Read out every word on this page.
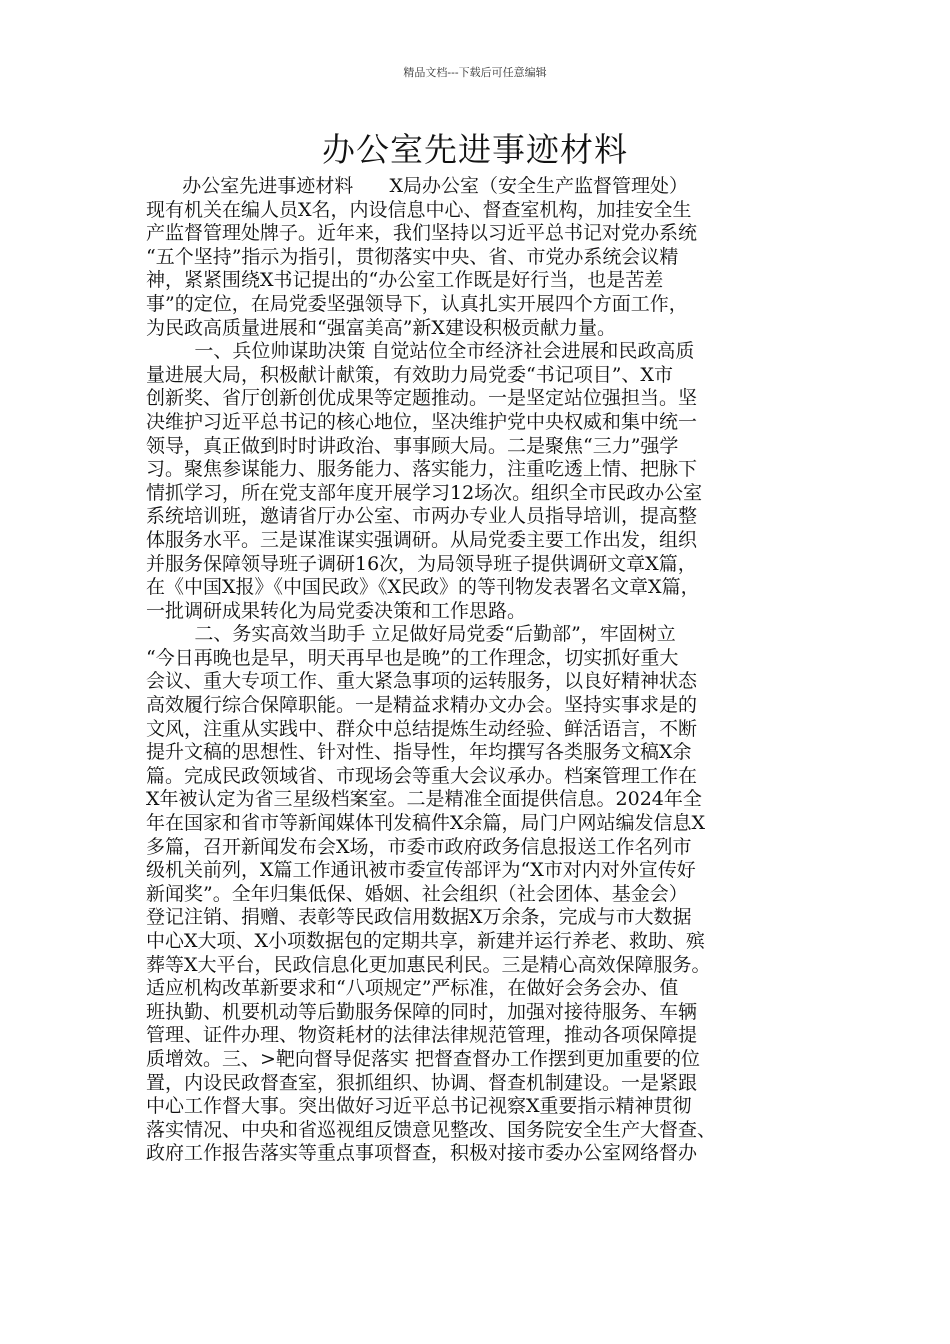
精品文档---下载后可任意编辑
办公室先进事迹材料
办公室先进事迹材料      X局办公室（安全生产监督管理处）
现有机关在编人员X名，内设信息中心、督查室机构，加挂安全生
产监督管理处牌子。近年来，我们坚持以习近平总书记对党办系统
“五个坚持”指示为指引，贯彻落实中央、省、市党办系统会议精
神，紧紧围绕X书记提出的“办公室工作既是好行当，也是苦差
事”的定位，在局党委坚强领导下，认真扎实开展四个方面工作，
为民政高质量进展和“强富美高”新X建设积极贡献力量。
一、兵位帅谋助决策 自觉站位全市经济社会进展和民政高质
量进展大局，积极献计献策，有效助力局党委“书记项目”、X市
创新奖、省厅创新创优成果等定题推动。一是坚定站位强担当。坚
决维护习近平总书记的核心地位，坚决维护党中央权威和集中统一
领导，真正做到时时讲政治、事事顾大局。二是聚焦“三力”强学
习。聚焦参谋能力、服务能力、落实能力，注重吃透上情、把脉下
情抓学习，所在党支部年度开展学习12场次。组织全市民政办公室
系统培训班，邀请省厅办公室、市两办专业人员指导培训，提高整
体服务水平。三是谋准谋实强调研。从局党委主要工作出发，组织
并服务保障领导班子调研16次，为局领导班子提供调研文章X篇，
在《中国X报》《中国民政》《X民政》的等刊物发表署名文章X篇，
一批调研成果转化为局党委决策和工作思路。
二、务实高效当助手 立足做好局党委“后勤部”，牢固树立
“今日再晚也是早，明天再早也是晚”的工作理念，切实抓好重大
会议、重大专项工作、重大紧急事项的运转服务，以良好精神状态
高效履行综合保障职能。一是精益求精办文办会。坚持实事求是的
文风，注重从实践中、群众中总结提炼生动经验、鲜活语言，不断
提升文稿的思想性、针对性、指导性，年均撰写各类服务文稿X余
篇。完成民政领域省、市现场会等重大会议承办。档案管理工作在
X年被认定为省三星级档案室。二是精准全面提供信息。2024年全
年在国家和省市等新闻媒体刊发稿件X余篇，局门户网站编发信息X
多篇，召开新闻发布会X场，市委市政府政务信息报送工作名列市
级机关前列，X篇工作通讯被市委宣传部评为“X市对内对外宣传好
新闻奖”。全年归集低保、婚姻、社会组织（社会团体、基金会）
登记注销、捐赠、表彰等民政信用数据X万余条，完成与市大数据
中心X大项、X小项数据包的定期共享，新建并运行养老、救助、殡
葬等X大平台，民政信息化更加惠民利民。三是精心高效保障服务。
适应机构改革新要求和“八项规定”严标准，在做好会务会办、值
班执勤、机要机动等后勤服务保障的同时，加强对接待服务、车辆
管理、证件办理、物资耗材的法律法律规范管理，推动各项保障提
质增效。三、>靶向督导促落实 把督查督办工作摆到更加重要的位
置，内设民政督查室，狠抓组织、协调、督查机制建设。一是紧跟
中心工作督大事。突出做好习近平总书记视察X重要指示精神贯彻
落实情况、中央和省巡视组反馈意见整改、国务院安全生产大督查、
政府工作报告落实等重点事项督查，积极对接市委办公室网络督办
